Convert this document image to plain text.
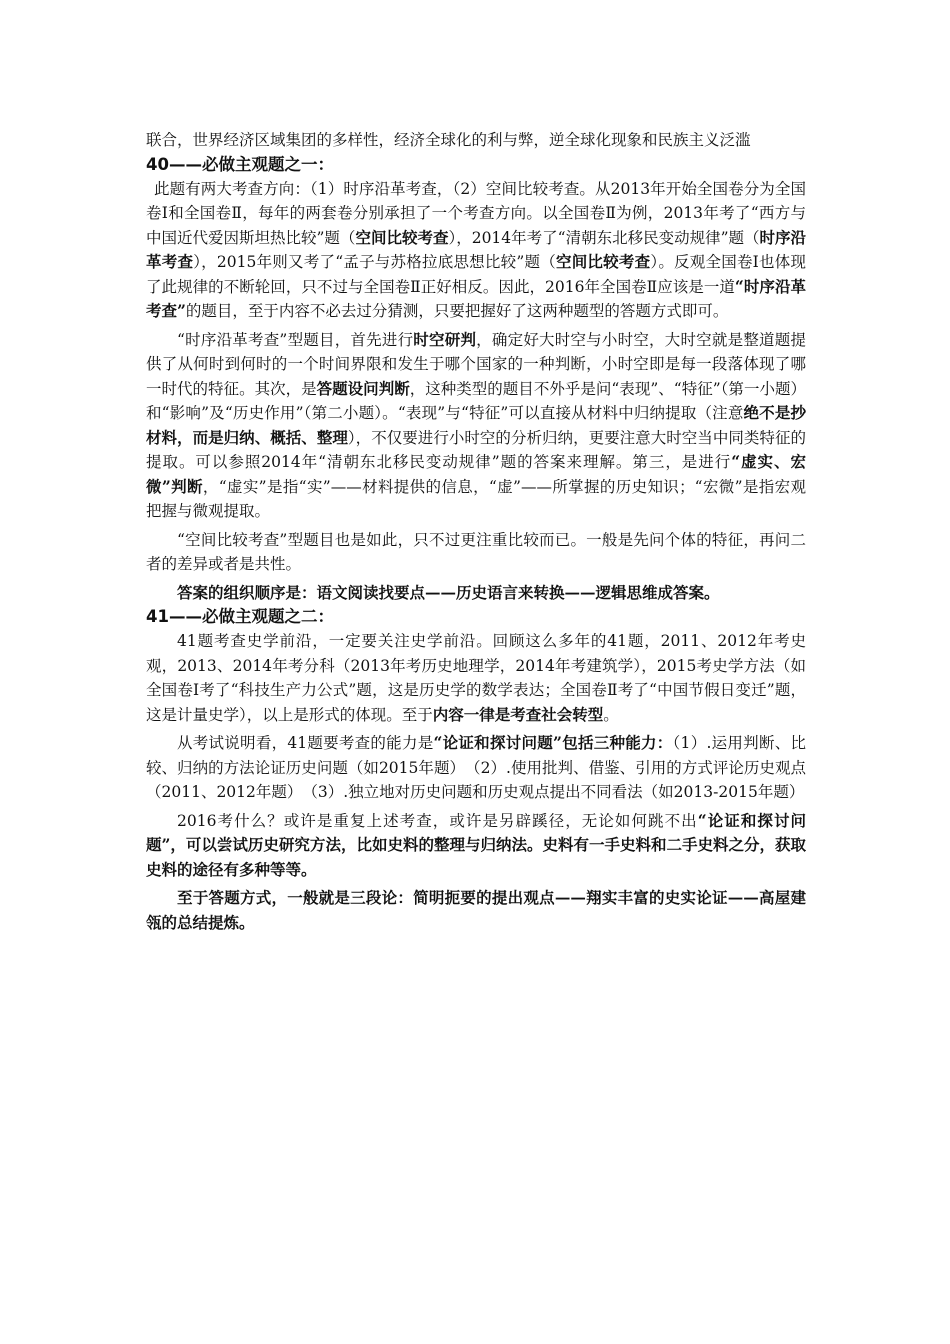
联合，世界经济区域集团的多样性，经济全球化的利与弊，逆全球化现象和民族主义泛滥

40——必做主观题之一：

此题有两大考查方向：（1）时序沿革考查，（2）空间比较考查。从2013年开始全国卷分为全国卷Ⅰ和全国卷Ⅱ，每年的两套卷分别承担了一个考查方向。以全国卷Ⅱ为例，2013年考了“西方与中国近代爱因斯坦热比较”题（空间比较考查），2014年考了“清朝东北移民变动规律”题（时序沿革考查），2015年则又考了“孟子与苏格拉底思想比较”题（空间比较考查）。反观全国卷Ⅰ也体现了此规律的不断轮回，只不过与全国卷Ⅱ正好相反。因此，2016年全国卷Ⅱ应该是一道“时序沿革考查”的题目，至于内容不必去过分猜测，只要把握好了这两种题型的答题方式即可。

“时序沿革考查”型题目，首先进行时空研判，确定好大时空与小时空，大时空就是整道题提供了从何时到何时的一个时间界限和发生于哪个国家的一种判断，小时空即是每一段落体现了哪一时代的特征。其次，是答题设问判断，这种类型的题目不外乎是问“表现”、“特征”（第一小题）和“影响”及“历史作用”（第二小题）。“表现”与“特征”可以直接从材料中归纳提取（注意绝不是抄材料，而是归纳、概括、整理），不仅要进行小时空的分析归纳，更要注意大时空当中同类特征的提取。可以参照2014年“清朝东北移民变动规律”题的答案来理解。第三，是进行“虚实、宏微”判断，“虚实”是指“实”——材料提供的信息，“虚”——所掌握的历史知识；“宏微”是指宏观把握与微观提取。

“空间比较考查”型题目也是如此，只不过更注重比较而已。一般是先问个体的特征，再问二者的差异或者是共性。

答案的组织顺序是：语文阅读找要点——历史语言来转换——逻辑思维成答案。

41——必做主观题之二：

41题考查史学前沿，一定要关注史学前沿。回顾这么多年的41题，2011、2012年考史观，2013、2014年考分科（2013年考历史地理学，2014年考建筑学），2015考史学方法（如全国卷Ⅰ考了“科技生产力公式”题，这是历史学的数学表达；全国卷Ⅱ考了“中国节假日变迁”题，这是计量史学），以上是形式的体现。至于内容一律是考查社会转型。

从考试说明看，41题要考查的能力是“论证和探讨问题”包括三种能力：（1）.运用判断、比较、归纳的方法论证历史问题（如2015年题）　（2）.使用批判、借鉴、引用的方式评论历史观点（2011、2012年题）　（3）.独立地对历史问题和历史观点提出不同看法（如2013-2015年题）

2016考什么？或许是重复上述考查，或许是另辟蹊径，无论如何跳不出“论证和探讨问题”，可以尝试历史研究方法，比如史料的整理与归纳法。史料有一手史料和二手史料之分，获取史料的途径有多种等等。

至于答题方式，一般就是三段论：简明扼要的提出观点——翔实丰富的史实论证——高屋建瓴的总结提炼。
